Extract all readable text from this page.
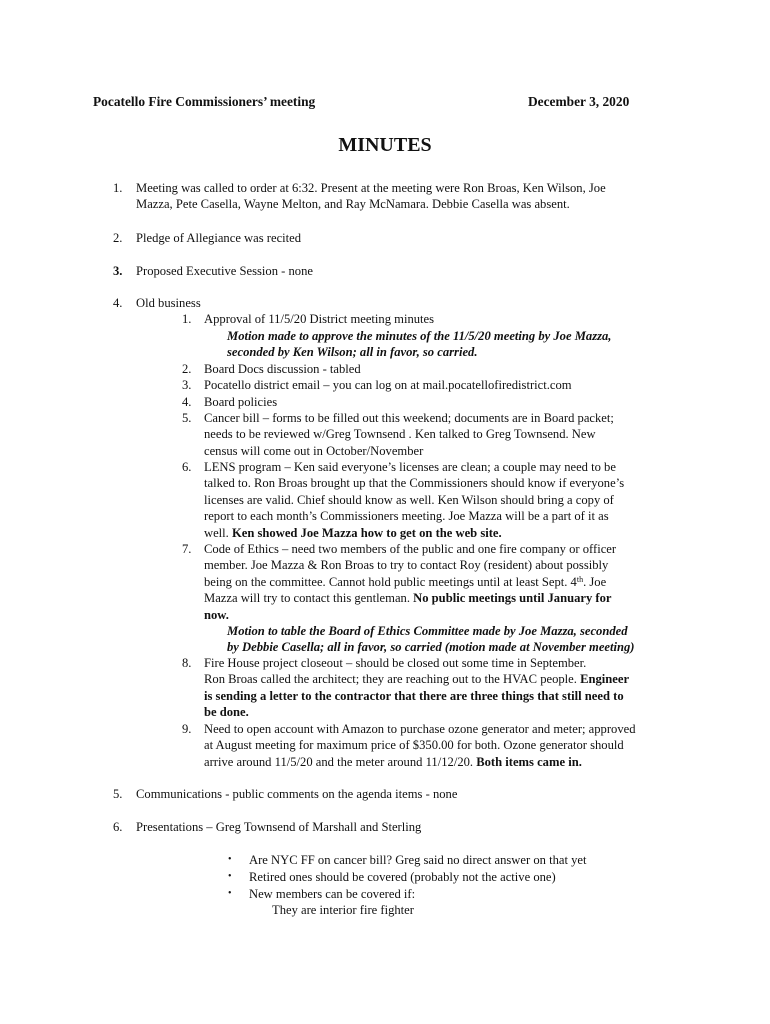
Pocatello Fire Commissioners’ meeting	December 3, 2020

MINUTES

1. Meeting was called to order at 6:32. Present at the meeting were Ron Broas, Ken Wilson, Joe
Mazza, Pete Casella, Wayne Melton, and Ray McNamara. Debbie Casella was absent.
2. Pledge of Allegiance was recited
3. Proposed Executive Session - none
4. Old business
1. Approval of 11/5/20 District meeting minutes
Motion made to approve the minutes of the 11/5/20 meeting by Joe Mazza,
seconded by Ken Wilson; all in favor, so carried.
2. Board Docs discussion - tabled
3. Pocatello district email – you can log on at mail.pocatellofiredistrict.com
4. Board policies
5. Cancer bill – forms to be filled out this weekend; documents are in Board packet;
needs to be reviewed w/Greg Townsend . Ken talked to Greg Townsend. New
census will come out in October/November
6. LENS program – Ken said everyone’s licenses are clean; a couple may need to be
talked to. Ron Broas brought up that the Commissioners should know if everyone’s
licenses are valid. Chief should know as well. Ken Wilson should bring a copy of
report to each month’s Commissioners meeting. Joe Mazza will be a part of it as
well. Ken showed Joe Mazza how to get on the web site.
7. Code of Ethics – need two members of the public and one fire company or officer
member. Joe Mazza & Ron Broas to try to contact Roy (resident) about possibly
being on the committee. Cannot hold public meetings until at least Sept. 4th. Joe
Mazza will try to contact this gentleman. No public meetings until January for
now.
Motion to table the Board of Ethics Committee made by Joe Mazza, seconded
by Debbie Casella; all in favor, so carried (motion made at November meeting)
8. Fire House project closeout – should be closed out some time in September.
Ron Broas called the architect; they are reaching out to the HVAC people. Engineer
is sending a letter to the contractor that there are three things that still need to
be done.
9. Need to open account with Amazon to purchase ozone generator and meter; approved
at August meeting for maximum price of $350.00 for both. Ozone generator should
arrive around 11/5/20 and the meter around 11/12/20. Both items came in.
5. Communications - public comments on the agenda items - none
6. Presentations – Greg Townsend of Marshall and Sterling
• Are NYC FF on cancer bill? Greg said no direct answer on that yet
• Retired ones should be covered (probably not the active one)
• New members can be covered if:
They are interior fire fighter
